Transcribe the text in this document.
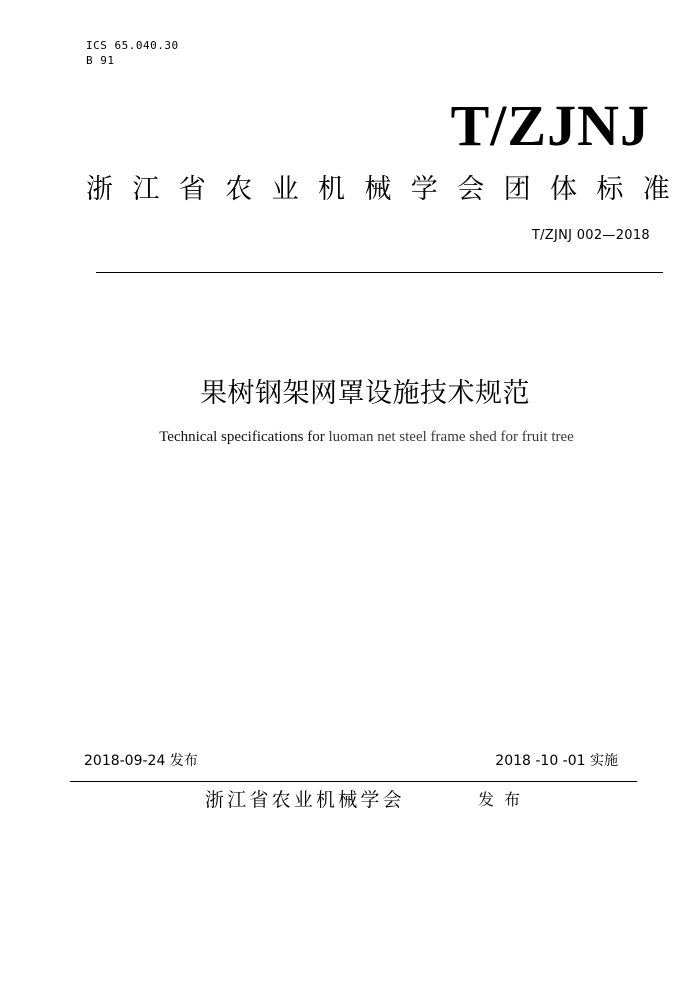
ICS 65.040.30
B 91
T/ZJNJ
浙江省农业机械学会团体标准
T/ZJNJ 002—2018
果树钢架网罩设施技术规范
Technical specifications for luoman net steel frame shed for fruit tree
2018-09-24 发布	2018 -10 -01 实施
浙江省农业机械学会	发布
